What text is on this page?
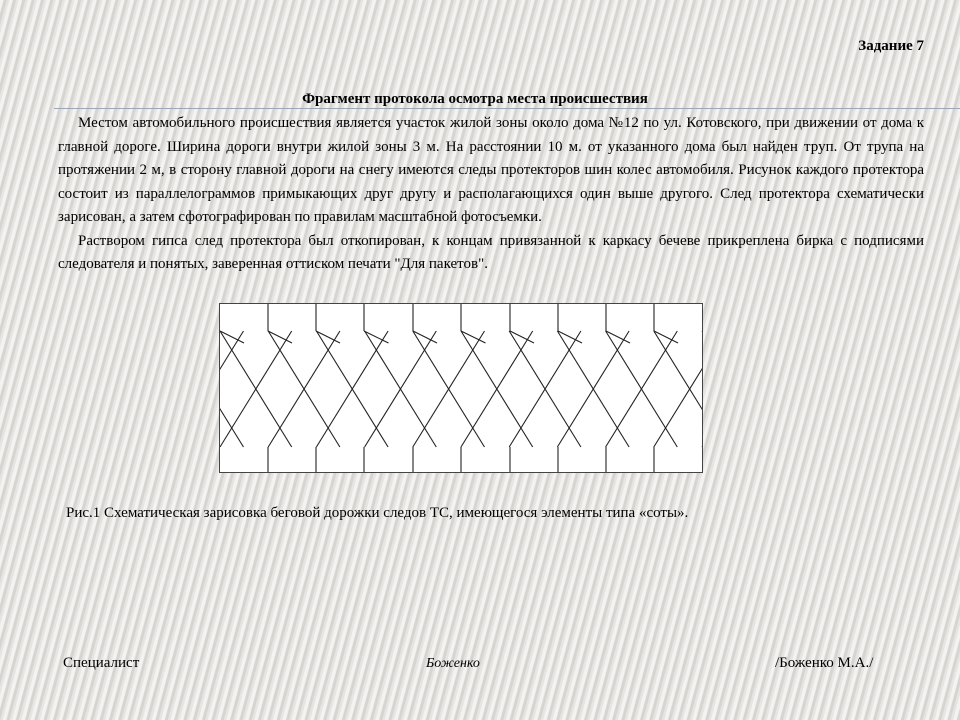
Задание 7
Фрагмент протокола осмотра места происшествия

Местом автомобильного происшествия является участок жилой зоны около дома №12 по ул. Котовского, при движении от дома к главной дороге. Ширина дороги внутри жилой зоны 3 м. На расстоянии 10 м. от указанного дома был найден труп. От трупа на протяжении 2 м, в сторону главной дороги на снегу имеются следы протекторов шин колес автомобиля. Рисунок каждого протектора состоит из параллелограммов примыкающих друг другу и располагающихся один выше другого. След протектора схематически зарисован, а затем сфотографирован по правилам масштабной фотосъемки.

Раствором гипса след протектора был откопирован, к концам привязанной к каркасу бечеве прикреплена бирка с подписями следователя и понятых, заверенная оттиском печати "Для пакетов".

Рис.1 Схематическая зарисовка беговой дорожки следов ТС, имеющегося элементы типа «соты».
Специалист	Боженко	/Боженко М.А./
